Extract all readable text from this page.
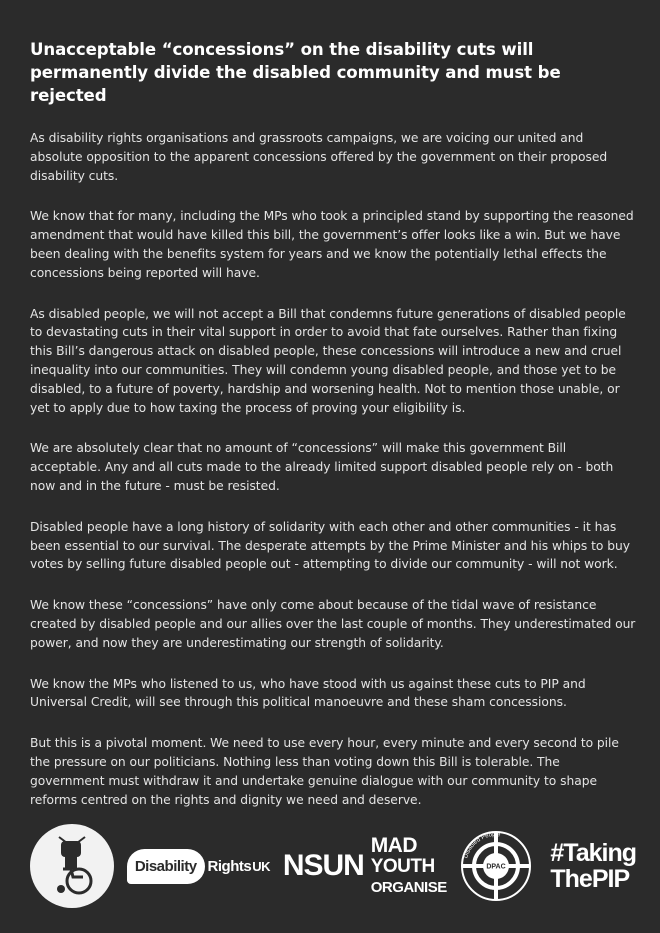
Unacceptable “concessions” on the disability cuts will permanently divide the disabled community and must be rejected

As disability rights organisations and grassroots campaigns, we are voicing our united and absolute opposition to the apparent concessions offered by the government on their proposed disability cuts.

We know that for many, including the MPs who took a principled stand by supporting the reasoned amendment that would have killed this bill, the government’s offer looks like a win. But we have been dealing with the benefits system for years and we know the potentially lethal effects the concessions being reported will have.

As disabled people, we will not accept a Bill that condemns future generations of disabled people to devastating cuts in their vital support in order to avoid that fate ourselves. Rather than fixing this Bill’s dangerous attack on disabled people, these concessions will introduce a new and cruel inequality into our communities. They will condemn young disabled people, and those yet to be disabled, to a future of poverty, hardship and worsening health. Not to mention those unable, or yet to apply due to how taxing the process of proving your eligibility is.

We are absolutely clear that no amount of “concessions” will make this government Bill acceptable. Any and all cuts made to the already limited support disabled people rely on - both now and in the future - must be resisted.

Disabled people have a long history of solidarity with each other and other communities - it has been essential to our survival. The desperate attempts by the Prime Minister and his whips to buy votes by selling future disabled people out - attempting to divide our community - will not work.

We know these “concessions” have only come about because of the tidal wave of resistance created by disabled people and our allies over the last couple of months. They underestimated our power, and now they are underestimating our strength of solidarity.

We know the MPs who listened to us, who have stood with us against these cuts to PIP and Universal Credit, will see through this political manoeuvre and these sham concessions.

But this is a pivotal moment. We need to use every hour, every minute and every second to pile the pressure on our politicians. Nothing less than voting down this Bill is tolerable. The government must withdraw it and undertake genuine dialogue with our community to shape reforms centred on the rights and dignity we need and deserve.

Disability Rights UK NSUN
MAD
YOUTH
ORGANISE
Disabled People
DPAC #Taking
ThePIP
